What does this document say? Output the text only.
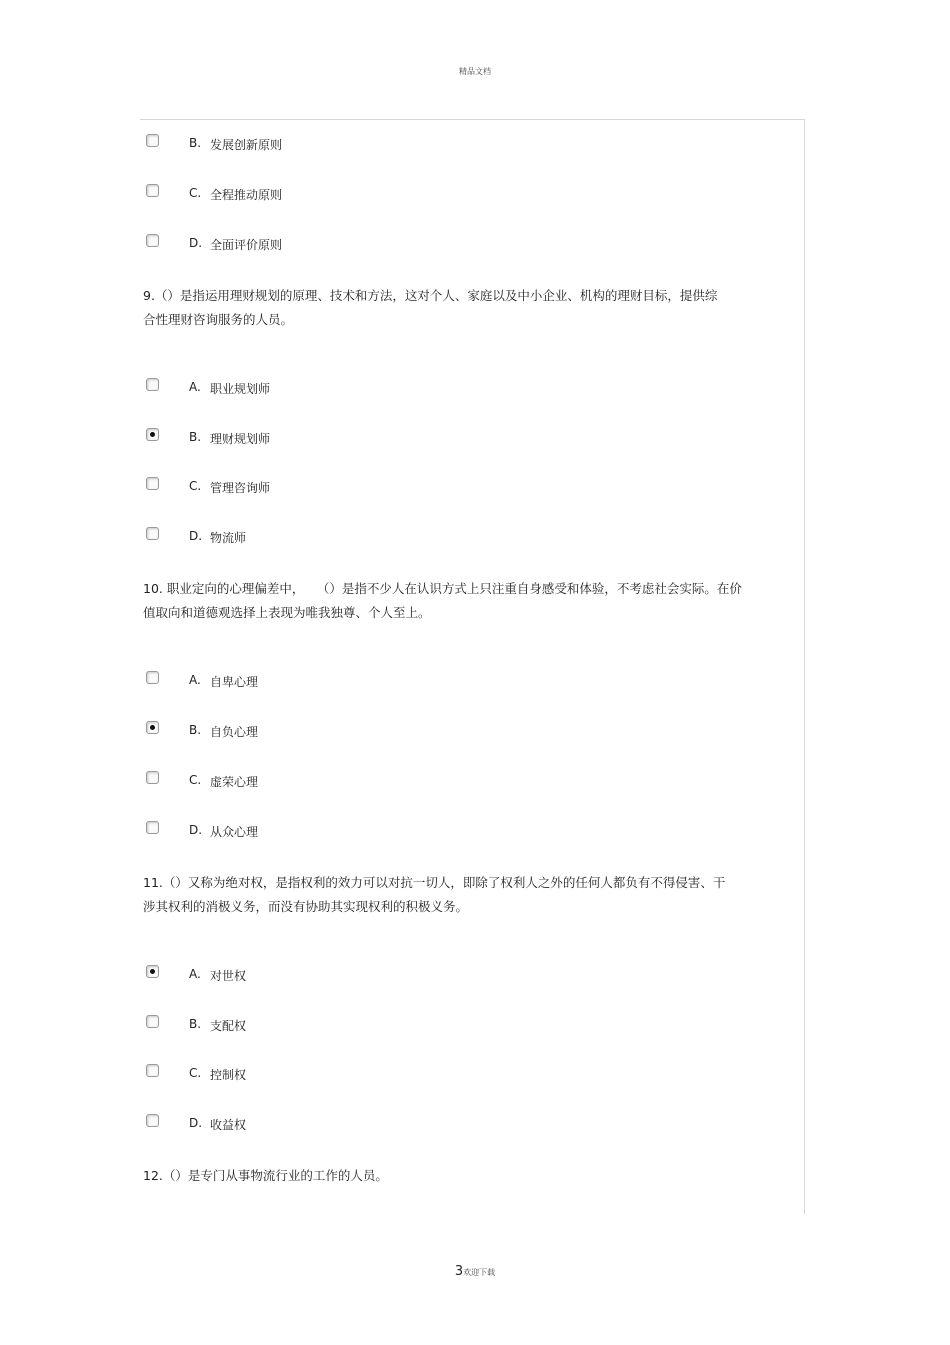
精品文档
B. 发展创新原则
C. 全程推动原则
D. 全面评价原则
9.（）是指运用理财规划的原理、技术和方法，这对个人、家庭以及中小企业、机构的理财目标，提供综
合性理财咨询服务的人员。
A. 职业规划师
B. 理财规划师
C. 管理咨询师
D. 物流师
10. 职业定向的心理偏差中，　　（）是指不少人在认识方式上只注重自身感受和体验，不考虑社会实际。在价
值取向和道德观选择上表现为唯我独尊、个人至上。
A. 自卑心理
B. 自负心理
C. 虚荣心理
D. 从众心理
11.（）又称为绝对权，是指权利的效力可以对抗一切人，即除了权利人之外的任何人都负有不得侵害、干
涉其权利的消极义务，而没有协助其实现权利的积极义务。
A. 对世权
B. 支配权
C. 控制权
D. 收益权
12.（）是专门从事物流行业的工作的人员。
3欢迎下载
